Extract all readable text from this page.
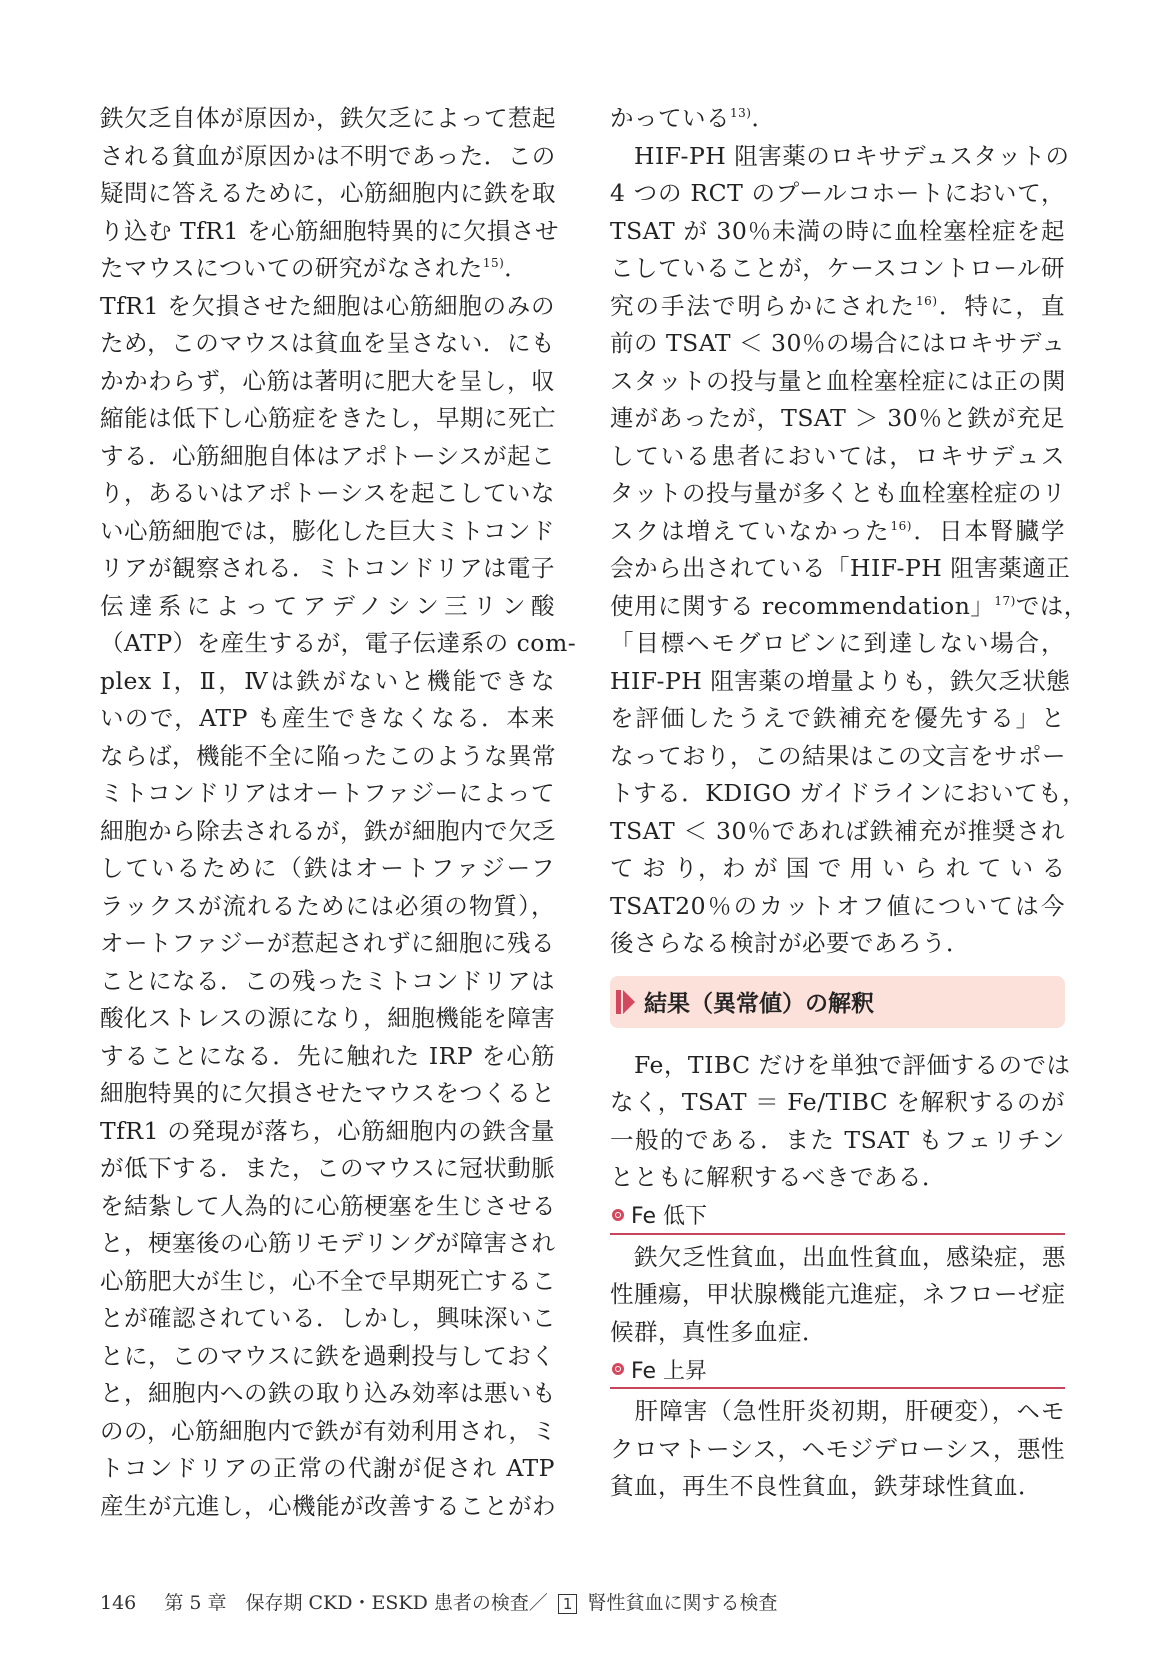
鉄欠乏自体が原因か，鉄欠乏によって惹起
される貧血が原因かは不明であった．この
疑問に答えるために，心筋細胞内に鉄を取
り込む TfR1 を心筋細胞特異的に欠損させ
たマウスについての研究がなされた$^{15)}$．
TfR1 を欠損させた細胞は心筋細胞のみの
ため，このマウスは貧血を呈さない．にも
かかわらず，心筋は著明に肥大を呈し，収
縮能は低下し心筋症をきたし，早期に死亡
する．心筋細胞自体はアポトーシスが起こ
り，あるいはアポトーシスを起こしていな
い心筋細胞では，膨化した巨大ミトコンド
リアが観察される．ミトコンドリアは電子
伝達系によってアデノシン三リン酸
（ATP）を産生するが，電子伝達系の com-
plex Ⅰ，Ⅱ，Ⅳは鉄がないと機能できな
いので，ATP も産生できなくなる．本来
ならば，機能不全に陥ったこのような異常
ミトコンドリアはオートファジーによって
細胞から除去されるが，鉄が細胞内で欠乏
しているために（鉄はオートファジーフ
ラックスが流れるためには必須の物質），
オートファジーが惹起されずに細胞に残る
ことになる．この残ったミトコンドリアは
酸化ストレスの源になり，細胞機能を障害
することになる．先に触れた IRP を心筋
細胞特異的に欠損させたマウスをつくると
TfR1 の発現が落ち，心筋細胞内の鉄含量
が低下する．また，このマウスに冠状動脈
を結紮して人為的に心筋梗塞を生じさせる
と，梗塞後の心筋リモデリングが障害され
心筋肥大が生じ，心不全で早期死亡するこ
とが確認されている．しかし，興味深いこ
とに，このマウスに鉄を過剰投与しておく
と，細胞内への鉄の取り込み効率は悪いも
のの，心筋細胞内で鉄が有効利用され，ミ
トコンドリアの正常の代謝が促され ATP
産生が亢進し，心機能が改善することがわ
かっている$^{13)}$．
　HIF-PH 阻害薬のロキサデュスタットの
4 つの RCT のプールコホートにおいて，
TSAT が 30％未満の時に血栓塞栓症を起
こしていることが，ケースコントロール研
究の手法で明らかにされた$^{16)}$．特に，直
前の TSAT ＜ 30％の場合にはロキサデュ
スタットの投与量と血栓塞栓症には正の関
連があったが，TSAT ＞ 30％と鉄が充足
している患者においては，ロキサデュス
タットの投与量が多くとも血栓塞栓症のリ
スクは増えていなかった$^{16)}$．日本腎臓学
会から出されている「HIF-PH 阻害薬適正
使用に関する recommendation」$^{17)}$では，
「目標ヘモグロビンに到達しない場合，
HIF-PH 阻害薬の増量よりも，鉄欠乏状態
を評価したうえで鉄補充を優先する」と
なっており，この結果はこの文言をサポー
トする．KDIGO ガイドラインにおいても，
TSAT ＜ 30％であれば鉄補充が推奨され
て お り，わ が 国 で 用 い ら れ て い る
TSAT20％のカットオフ値については今
後さらなる検討が必要であろう．
結果（異常値）の解釈
　Fe，TIBC だけを単独で評価するのでは
なく，TSAT ＝ Fe/TIBC を解釈するのが
一般的である．また TSAT もフェリチン
とともに解釈するべきである．
Fe 低下
　鉄欠乏性貧血，出血性貧血，感染症，悪
性腫瘍，甲状腺機能亢進症，ネフローゼ症
候群，真性多血症．
Fe 上昇
　肝障害（急性肝炎初期，肝硬変），ヘモ
クロマトーシス，ヘモジデローシス，悪性
貧血，再生不良性貧血，鉄芽球性貧血．
146 第 5 章　保存期 CKD・ESKD 患者の検査／ 1 腎性貧血に関する検査
